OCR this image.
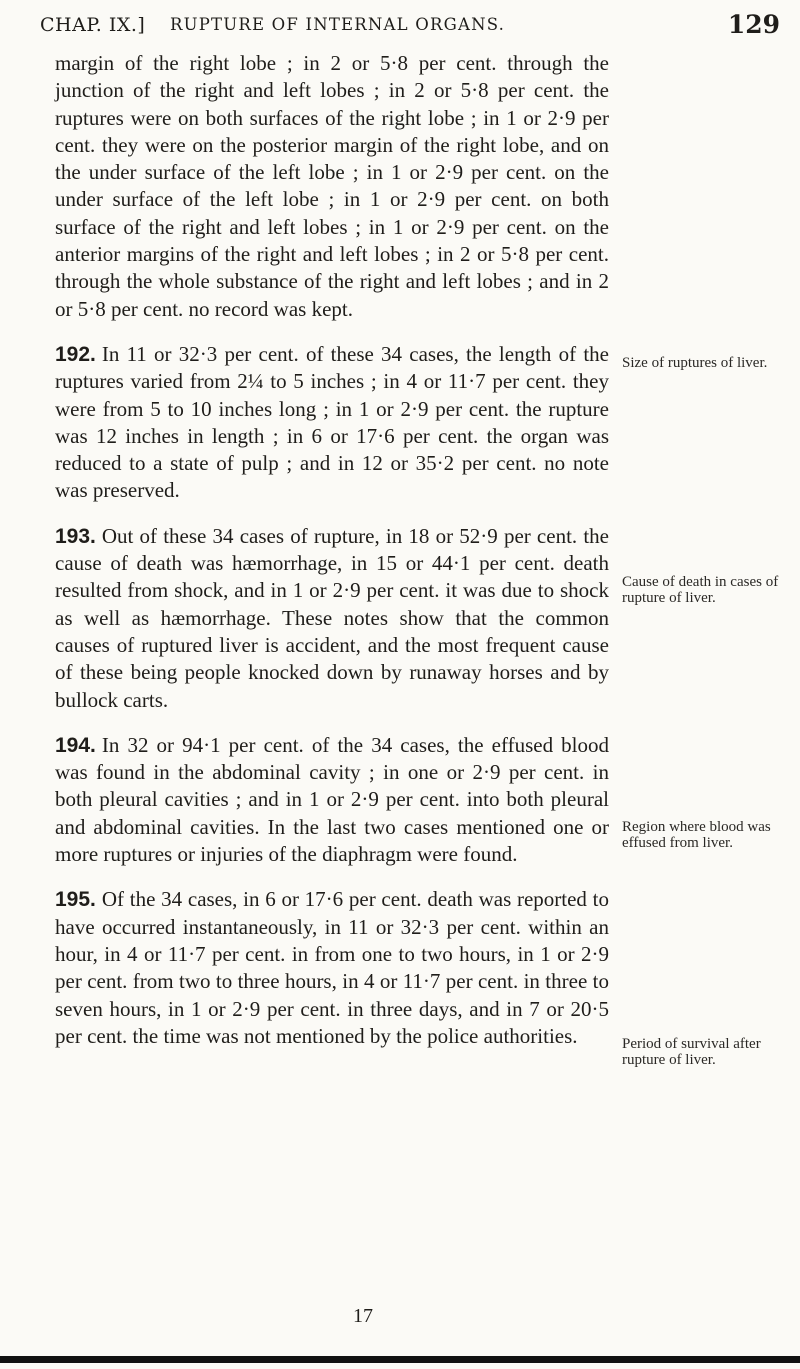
CHAP. IX.] RUPTURE OF INTERNAL ORGANS.	129

margin of the right lobe ; in 2 or 5·8 per cent. through the junction of the right and left lobes ; in 2 or 5·8 per cent. the ruptures were on both surfaces of the right lobe ; in 1 or 2·9 per cent. they were on the posterior margin of the right lobe, and on the under surface of the left lobe ; in 1 or 2·9 per cent. on the under surface of the left lobe ; in 1 or 2·9 per cent. on both surface of the right and left lobes ; in 1 or 2·9 per cent. on the anterior margins of the right and left lobes ; in 2 or 5·8 per cent. through the whole substance of the right and left lobes ; and in 2 or 5·8 per cent. no record was kept.

192. In 11 or 32·3 per cent. of these 34 cases, the length of the ruptures varied from 2¼ to 5 inches ; in 4 or 11·7 per cent. they were from 5 to 10 inches long ; in 1 or 2·9 per cent. the rupture was 12 inches in length ; in 6 or 17·6 per cent. the organ was reduced to a state of pulp ; and in 12 or 35·2 per cent. no note was preserved.

193. Out of these 34 cases of rupture, in 18 or 52·9 per cent. the cause of death was hæmorrhage, in 15 or 44·1 per cent. death resulted from shock, and in 1 or 2·9 per cent. it was due to shock as well as hæmorrhage. These notes show that the common causes of ruptured liver is accident, and the most frequent cause of these being people knocked down by runaway horses and by bullock carts.

194. In 32 or 94·1 per cent. of the 34 cases, the effused blood was found in the abdominal cavity ; in one or 2·9 per cent. in both pleural cavities ; and in 1 or 2·9 per cent. into both pleural and abdominal cavities. In the last two cases mentioned one or more ruptures or injuries of the diaphragm were found.

195. Of the 34 cases, in 6 or 17·6 per cent. death was reported to have occurred instantaneously, in 11 or 32·3 per cent. within an hour, in 4 or 11·7 per cent. in from one to two hours, in 1 or 2·9 per cent. from two to three hours, in 4 or 11·7 per cent. in three to seven hours, in 1 or 2·9 per cent. in three days, and in 7 or 20·5 per cent. the time was not mentioned by the police authorities.

Size of ruptures of liver.
Cause of death in cases of rupture of liver.
Region where blood was effused from liver.
Period of survival after rupture of liver.
17
